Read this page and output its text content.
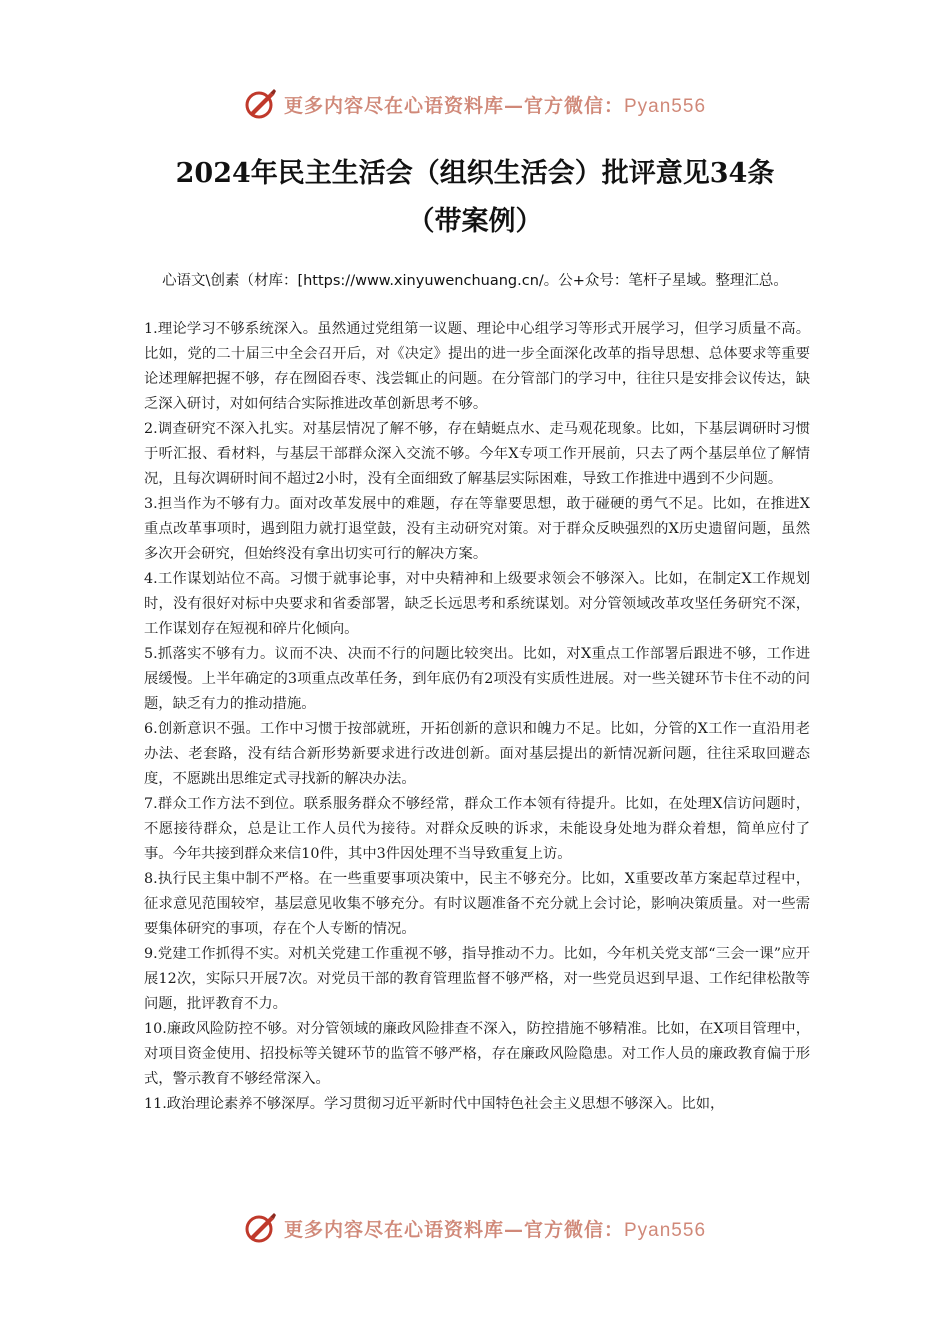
更多内容尽在心语资料库—官方微信：Pyan556
2024年民主生活会（组织生活会）批评意见34条
（带案例）

心语文\创素（材库：[https://www.xinyuwenchuang.cn/。公+众号：笔杆子星域。整理汇总。

1.理论学习不够系统深入。虽然通过党组第一议题、理论中心组学习等形式开展学习，但学习质量不高。比如，党的二十届三中全会召开后，对《决定》提出的进一步全面深化改革的指导思想、总体要求等重要论述理解把握不够，存在囫囵吞枣、浅尝辄止的问题。在分管部门的学习中，往往只是安排会议传达，缺乏深入研讨，对如何结合实际推进改革创新思考不够。

2.调查研究不深入扎实。对基层情况了解不够，存在蜻蜓点水、走马观花现象。比如，下基层调研时习惯于听汇报、看材料，与基层干部群众深入交流不够。今年X专项工作开展前，只去了两个基层单位了解情况，且每次调研时间不超过2小时，没有全面细致了解基层实际困难，导致工作推进中遇到不少问题。

3.担当作为不够有力。面对改革发展中的难题，存在等靠要思想，敢于碰硬的勇气不足。比如，在推进X重点改革事项时，遇到阻力就打退堂鼓，没有主动研究对策。对于群众反映强烈的X历史遗留问题，虽然多次开会研究，但始终没有拿出切实可行的解决方案。

4.工作谋划站位不高。习惯于就事论事，对中央精神和上级要求领会不够深入。比如，在制定X工作规划时，没有很好对标中央要求和省委部署，缺乏长远思考和系统谋划。对分管领域改革攻坚任务研究不深，工作谋划存在短视和碎片化倾向。

5.抓落实不够有力。议而不决、决而不行的问题比较突出。比如，对X重点工作部署后跟进不够，工作进展缓慢。上半年确定的3项重点改革任务，到年底仍有2项没有实质性进展。对一些关键环节卡住不动的问题，缺乏有力的推动措施。

6.创新意识不强。工作中习惯于按部就班，开拓创新的意识和魄力不足。比如，分管的X工作一直沿用老办法、老套路，没有结合新形势新要求进行改进创新。面对基层提出的新情况新问题，往往采取回避态度，不愿跳出思维定式寻找新的解决办法。

7.群众工作方法不到位。联系服务群众不够经常，群众工作本领有待提升。比如，在处理X信访问题时，不愿接待群众，总是让工作人员代为接待。对群众反映的诉求，未能设身处地为群众着想，简单应付了事。今年共接到群众来信10件，其中3件因处理不当导致重复上访。

8.执行民主集中制不严格。在一些重要事项决策中，民主不够充分。比如，X重要改革方案起草过程中，征求意见范围较窄，基层意见收集不够充分。有时议题准备不充分就上会讨论，影响决策质量。对一些需要集体研究的事项，存在个人专断的情况。

9.党建工作抓得不实。对机关党建工作重视不够，指导推动不力。比如，今年机关党支部“三会一课”应开展12次，实际只开展7次。对党员干部的教育管理监督不够严格，对一些党员迟到早退、工作纪律松散等问题，批评教育不力。

10.廉政风险防控不够。对分管领域的廉政风险排查不深入，防控措施不够精准。比如，在X项目管理中，对项目资金使用、招投标等关键环节的监管不够严格，存在廉政风险隐患。对工作人员的廉政教育偏于形式，警示教育不够经常深入。

11.政治理论素养不够深厚。学习贯彻习近平新时代中国特色社会主义思想不够深入。比如，

更多内容尽在心语资料库—官方微信：Pyan556
